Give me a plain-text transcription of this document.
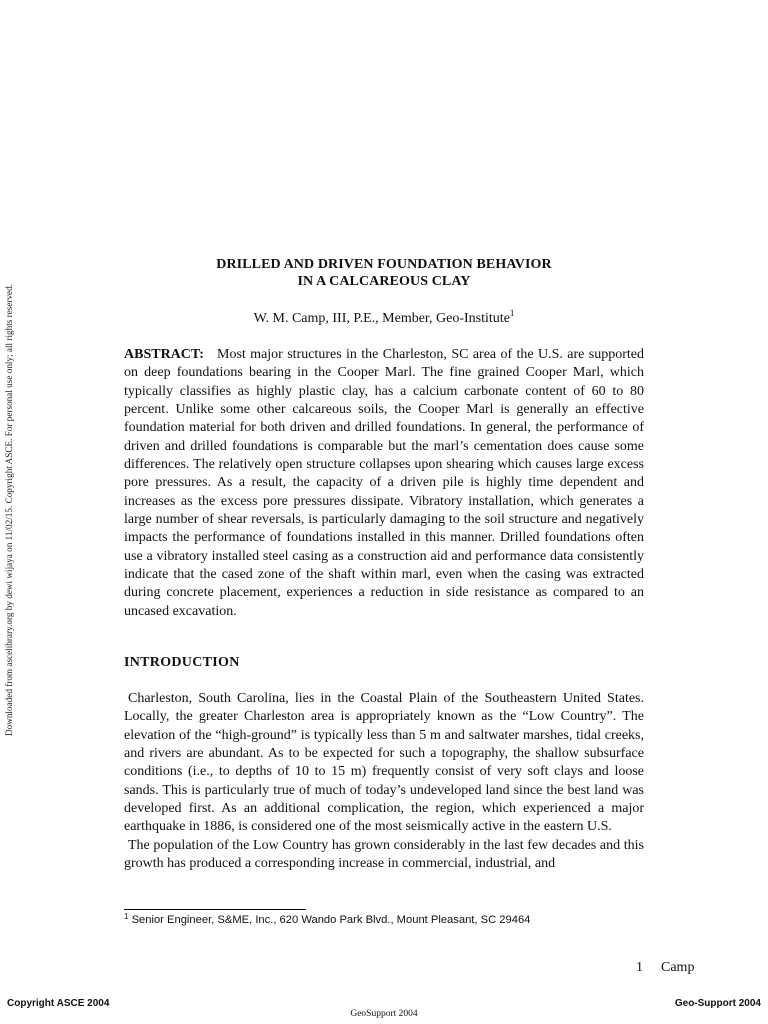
Downloaded from ascelibrary.org by dewi wijaya on 11/02/15. Copyright ASCE. For personal use only; all rights reserved.
DRILLED AND DRIVEN FOUNDATION BEHAVIOR
IN A CALCAREOUS CLAY
W. M. Camp, III, P.E., Member, Geo-Institute$^1$
ABSTRACT: Most major structures in the Charleston, SC area of the U.S. are supported on deep foundations bearing in the Cooper Marl. The fine grained Cooper Marl, which typically classifies as highly plastic clay, has a calcium carbonate content of 60 to 80 percent. Unlike some other calcareous soils, the Cooper Marl is generally an effective foundation material for both driven and drilled foundations. In general, the performance of driven and drilled foundations is comparable but the marl’s cementation does cause some differences. The relatively open structure collapses upon shearing which causes large excess pore pressures. As a result, the capacity of a driven pile is highly time dependent and increases as the excess pore pressures dissipate. Vibratory installation, which generates a large number of shear reversals, is particularly damaging to the soil structure and negatively impacts the performance of foundations installed in this manner. Drilled foundations often use a vibratory installed steel casing as a construction aid and performance data consistently indicate that the cased zone of the shaft within marl, even when the casing was extracted during concrete placement, experiences a reduction in side resistance as compared to an uncased excavation.
INTRODUCTION

Charleston, South Carolina, lies in the Coastal Plain of the Southeastern United States. Locally, the greater Charleston area is appropriately known as the “Low Country”. The elevation of the “high-ground” is typically less than 5 m and saltwater marshes, tidal creeks, and rivers are abundant. As to be expected for such a topography, the shallow subsurface conditions (i.e., to depths of 10 to 15 m) frequently consist of very soft clays and loose sands. This is particularly true of much of today’s undeveloped land since the best land was developed first. As an additional complication, the region, which experienced a major earthquake in 1886, is considered one of the most seismically active in the eastern U.S.

The population of the Low Country has grown considerably in the last few decades and this growth has produced a corresponding increase in commercial, industrial, and

$^1$ Senior Engineer, S&ME, Inc., 620 Wando Park Blvd., Mount Pleasant, SC 29464
1 Camp
Copyright ASCE 2004	Geo-Support 2004
GeoSupport 2004
